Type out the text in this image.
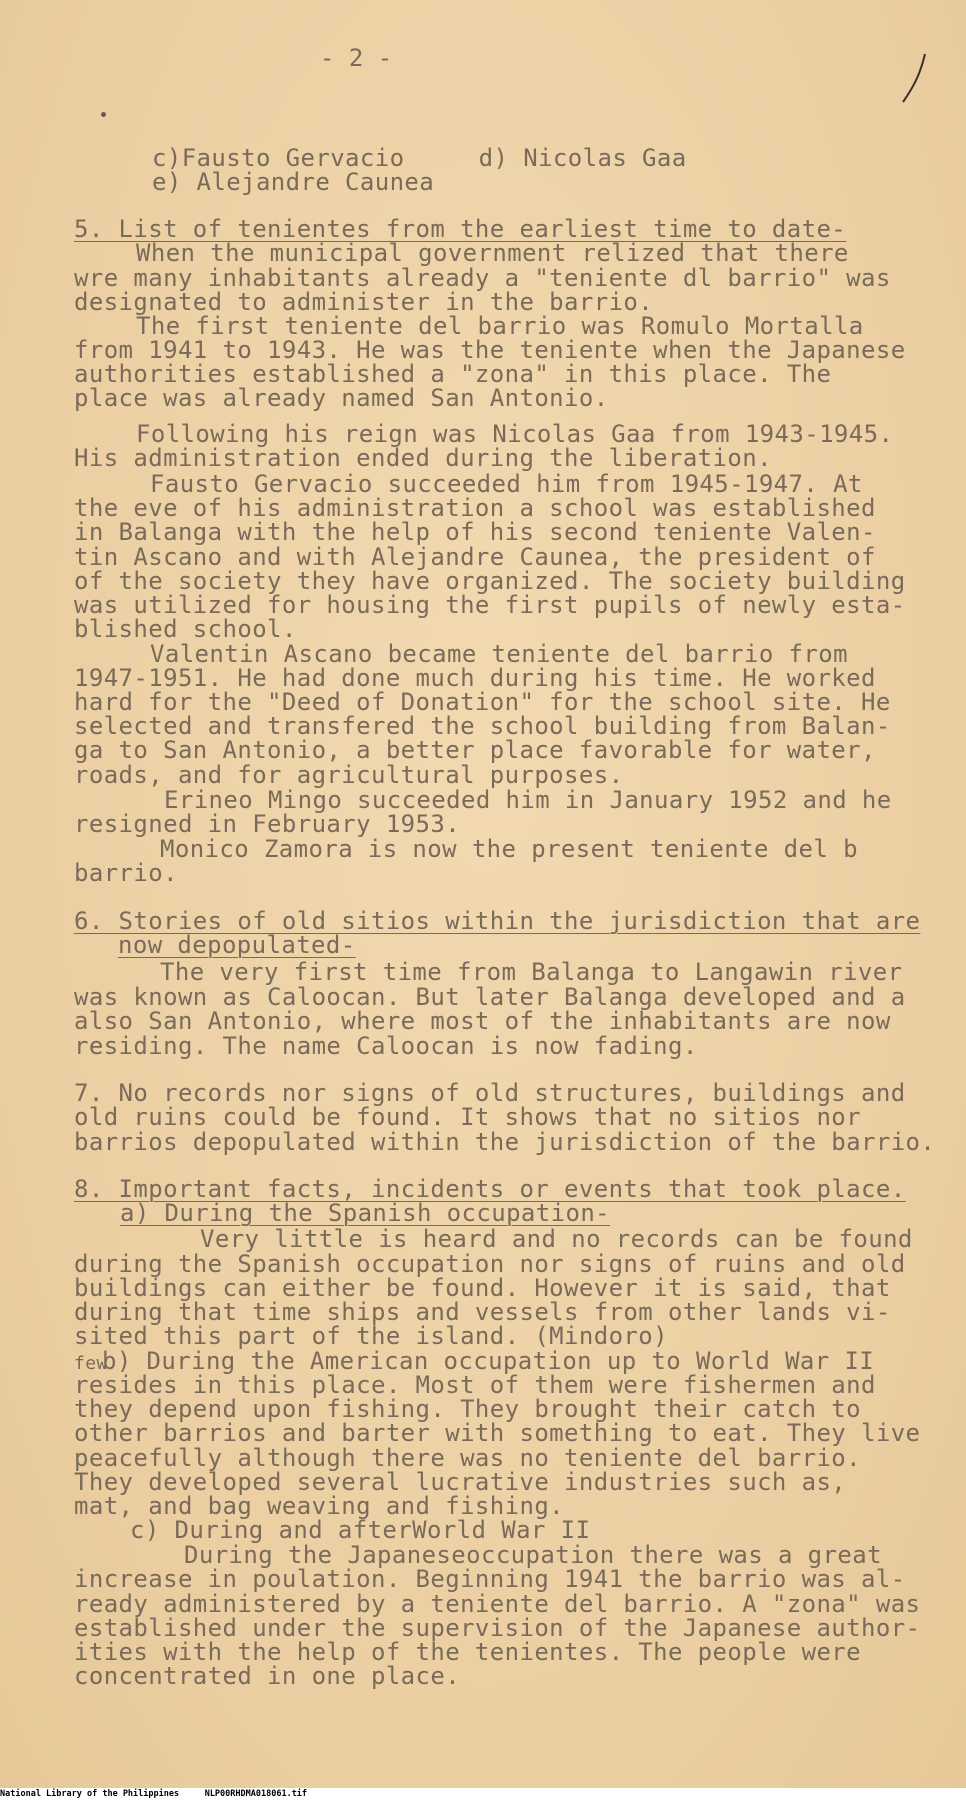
- 2 -
c)Fausto Gervacio     d) Nicolas Gaa
e) Alejandre Caunea
5. List of tenientes from the earliest time to date-
When the municipal government relized that there
wre many inhabitants already a "teniente dl barrio" was
designated to administer in the barrio.
The first teniente del barrio was Romulo Mortalla
from 1941 to 1943. He was the teniente when the Japanese
authorities established a "zona" in this place. The
place was already named San Antonio.
Following his reign was Nicolas Gaa from 1943-1945.
His administration ended during the liberation.
Fausto Gervacio succeeded him from 1945-1947. At
the eve of his administration a school was established
in Balanga with the help of his second teniente Valen-
tin Ascano and with Alejandre Caunea, the president of
of the society they have organized. The society building
was utilized for housing the first pupils of newly esta-
blished school.
Valentin Ascano became teniente del barrio from
1947-1951. He had done much during his time. He worked
hard for the "Deed of Donation" for the school site. He
selected and transfered the school building from Balan-
ga to San Antonio, a better place favorable for water,
roads, and for agricultural purposes.
Erineo Mingo succeeded him in January 1952 and he
resigned in February 1953.
Monico Zamora is now the present teniente del b
barrio.
6. Stories of old sitios within the jurisdiction that are
now depopulated-
The very first time from Balanga to Langawin river
was known as Caloocan. But later Balanga developed and a
also San Antonio, where most of the inhabitants are now
residing. The name Caloocan is now fading.
7. No records nor signs of old structures, buildings and
old ruins could be found. It shows that no sitios nor
barrios depopulated within the jurisdiction of the barrio.
8. Important facts, incidents or events that took place.
a) During the Spanish occupation-
Very little is heard and no records can be found
during the Spanish occupation nor signs of ruins and old
buildings can either be found. However it is said, that
during that time ships and vessels from other lands vi-
sited this part of the island. (Mindoro)
b) During the American occupation up to World War II
resides in this place. Most of them were fishermen and
they depend upon fishing. They brought their catch to
other barrios and barter with something to eat. They live
peacefully although there was no teniente del barrio.
They developed several lucrative industries such as,
mat, and bag weaving and fishing.
c) During and afterWorld War II
During the Japaneseoccupation there was a great
increase in poulation. Beginning 1941 the barrio was al-
ready administered by a teniente del barrio. A "zona" was
established under the supervision of the Japanese author-
ities with the help of the tenientes. The people were
concentrated in one place.
few
National Library of the Philippines     NLP00RHDMA018061.tif
